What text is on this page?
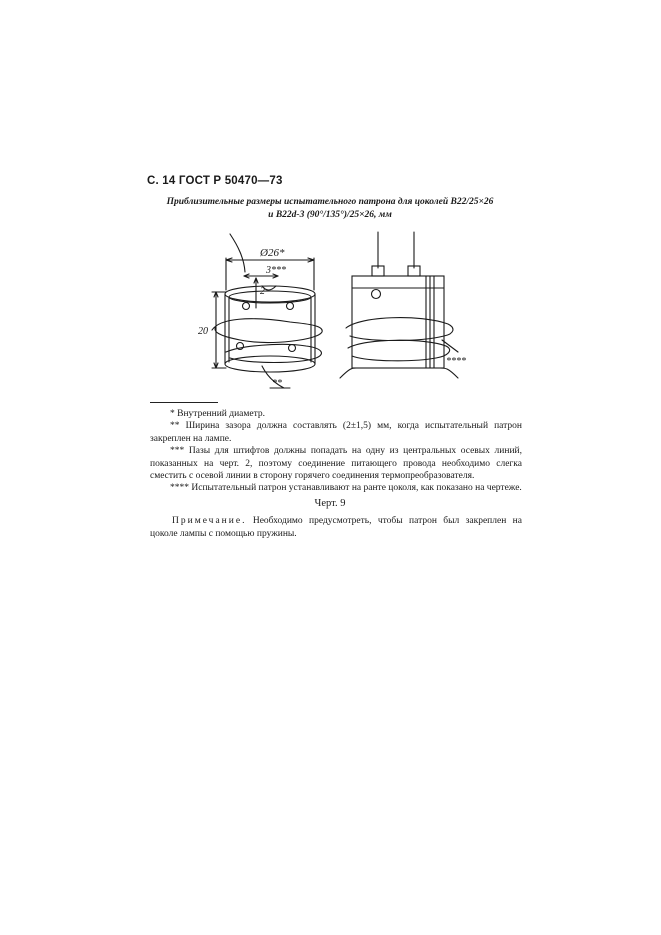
С. 14 ГОСТ Р 50470—73
Приблизительные размеры испытательного патрона для цоколей B22/25×26
и B22d-3 (90°/135°)/25×26, мм
Ø26*
3***
2
20
**
****

* Внутренний диаметр.

** Ширина зазора должна составлять (2±1,5) мм, когда испытательный патрон закреплен на лампе.

*** Пазы для штифтов должны попадать на одну из центральных осевых линий, показанных на черт. 2, поэтому соединение питающего провода необходимо слегка сместить с осевой линии в сторону горячего соединения термопреобразователя.

**** Испытательный патрон устанавливают на ранте цоколя, как показано на чертеже.

Черт. 9
Примечание. Необходимо предусмотреть, чтобы патрон был закреплен на цоколе лампы с помощью пружины.
